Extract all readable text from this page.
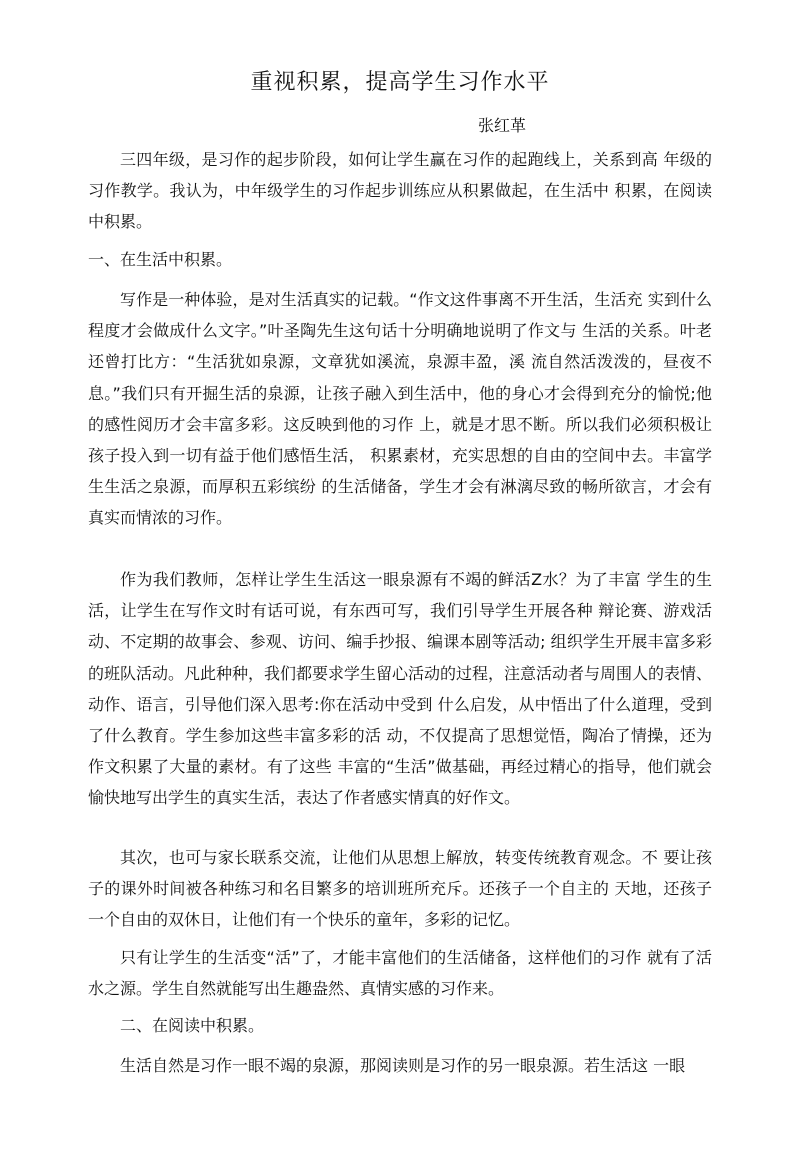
重视积累，提高学生习作水平
张红革

三四年级，是习作的起步阶段，如何让学生赢在习作的起跑线上，关系到高 年级的习作教学。我认为，中年级学生的习作起步训练应从积累做起，在生活中 积累，在阅读中积累。

一、在生活中积累。

写作是一种体验，是对生活真实的记载。“作文这件事离不开生活，生活充 实到什么程度才会做成什么文字。”叶圣陶先生这句话十分明确地说明了作文与 生活的关系。叶老还曾打比方：“生活犹如泉源，文章犹如溪流，泉源丰盈，溪 流自然活泼泼的，昼夜不息。”我们只有开掘生活的泉源，让孩子融入到生活中，他的身心才会得到充分的愉悦;他的感性阅历才会丰富多彩。这反映到他的习作 上，就是才思不断。所以我们必须积极让孩子投入到一切有益于他们感悟生活， 积累素材，充实思想的自由的空间中去。丰富学生生活之泉源，而厚积五彩缤纷 的生活储备，学生才会有淋漓尽致的畅所欲言，才会有真实而情浓的习作。

作为我们教师，怎样让学生生活这一眼泉源有不竭的鲜活Z水？为了丰富 学生的生活，让学生在写作文时有话可说，有东西可写，我们引导学生开展各种 辩论赛、游戏活动、不定期的故事会、参观、访问、编手抄报、编课本剧等活动; 组织学生开展丰富多彩的班队活动。凡此种种，我们都要求学生留心活动的过程，注意活动者与周围人的表情、动作、语言，引导他们深入思考:你在活动中受到 什么启发，从中悟出了什么道理，受到了什么教育。学生参加这些丰富多彩的活 动，不仅提高了思想觉悟，陶冶了情操，还为作文积累了大量的素材。有了这些 丰富的“生活”做基础，再经过精心的指导，他们就会愉快地写出学生的真实生活，表达了作者感实情真的好作文。

其次，也可与家长联系交流，让他们从思想上解放，转变传统教育观念。不 要让孩子的课外时间被各种练习和名目繁多的培训班所充斥。还孩子一个自主的 天地，还孩子一个自由的双休日，让他们有一个快乐的童年，多彩的记忆。

只有让学生的生活变“活”了，才能丰富他们的生活储备，这样他们的习作 就有了活水之源。学生自然就能写出生趣盎然、真情实感的习作来。

二、在阅读中积累。

生活自然是习作一眼不竭的泉源，那阅读则是习作的另一眼泉源。若生活这 一眼
